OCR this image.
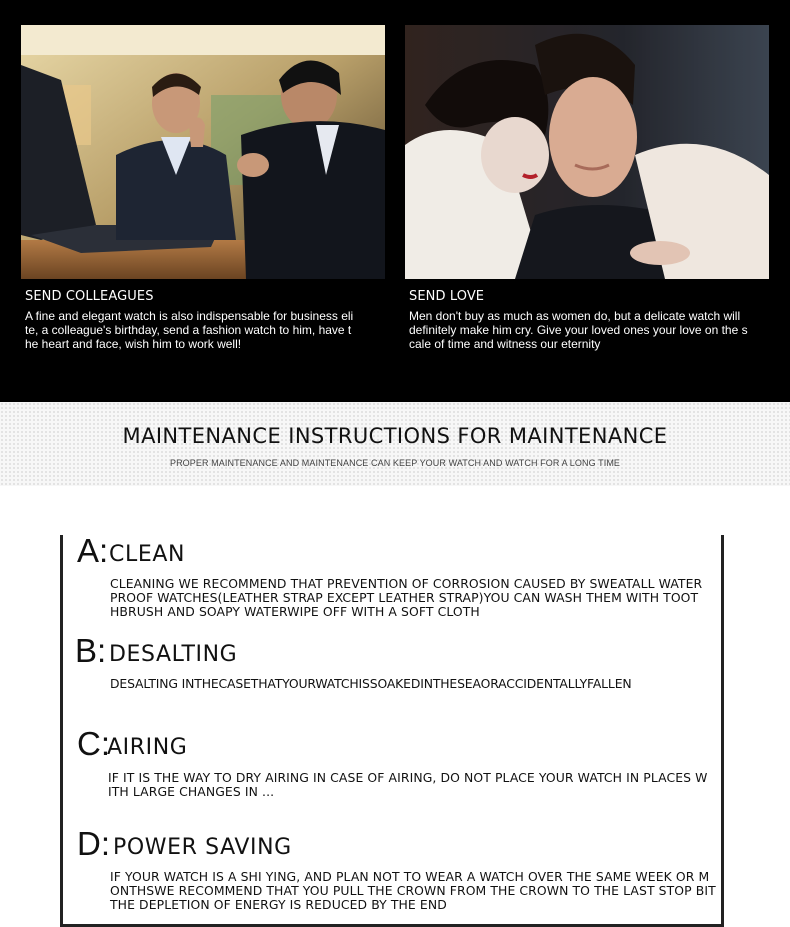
SEND COLLEAGUES
A fine and elegant watch is also indispensable for business elite, a colleague's birthday, send a fashion watch to him, have the heart and face, wish him to work well!
SEND LOVE
Men don't buy as much as women do, but a delicate watch will definitely make him cry. Give your loved ones your love on the scale of time and witness our eternity
MAINTENANCE INSTRUCTIONS FOR MAINTENANCE
PROPER MAINTENANCE AND MAINTENANCE CAN KEEP YOUR WATCH AND WATCH FOR A LONG TIME
A: CLEAN
CLEANING WE RECOMMEND THAT PREVENTION OF CORROSION CAUSED BY SWEATALL WATERPROOF WATCHES(LEATHER STRAP EXCEPT LEATHER STRAP)YOU CAN WASH THEM WITH TOOTHBRUSH AND SOAPY WATERWIPE OFF WITH A SOFT CLOTH
B: DESALTING
DESALTING INTHECASETHATYOURWATCHISSOAKEDINTHESEAORACCIDENTALLYFALLEN
C:
AIRING
IF IT IS THE WAY TO DRY AIRING IN CASE OF AIRING, DO NOT PLACE YOUR WATCH IN PLACES WITH LARGE CHANGES IN ...
D: POWER SAVING
IF YOUR WATCH IS A SHI YING, AND PLAN NOT TO WEAR A WATCH OVER THE SAME WEEK OR MONTHSWE RECOMMEND THAT YOU PULL THE CROWN FROM THE CROWN TO THE LAST STOP BITTHE DEPLETION OF ENERGY IS REDUCED BY THE END
